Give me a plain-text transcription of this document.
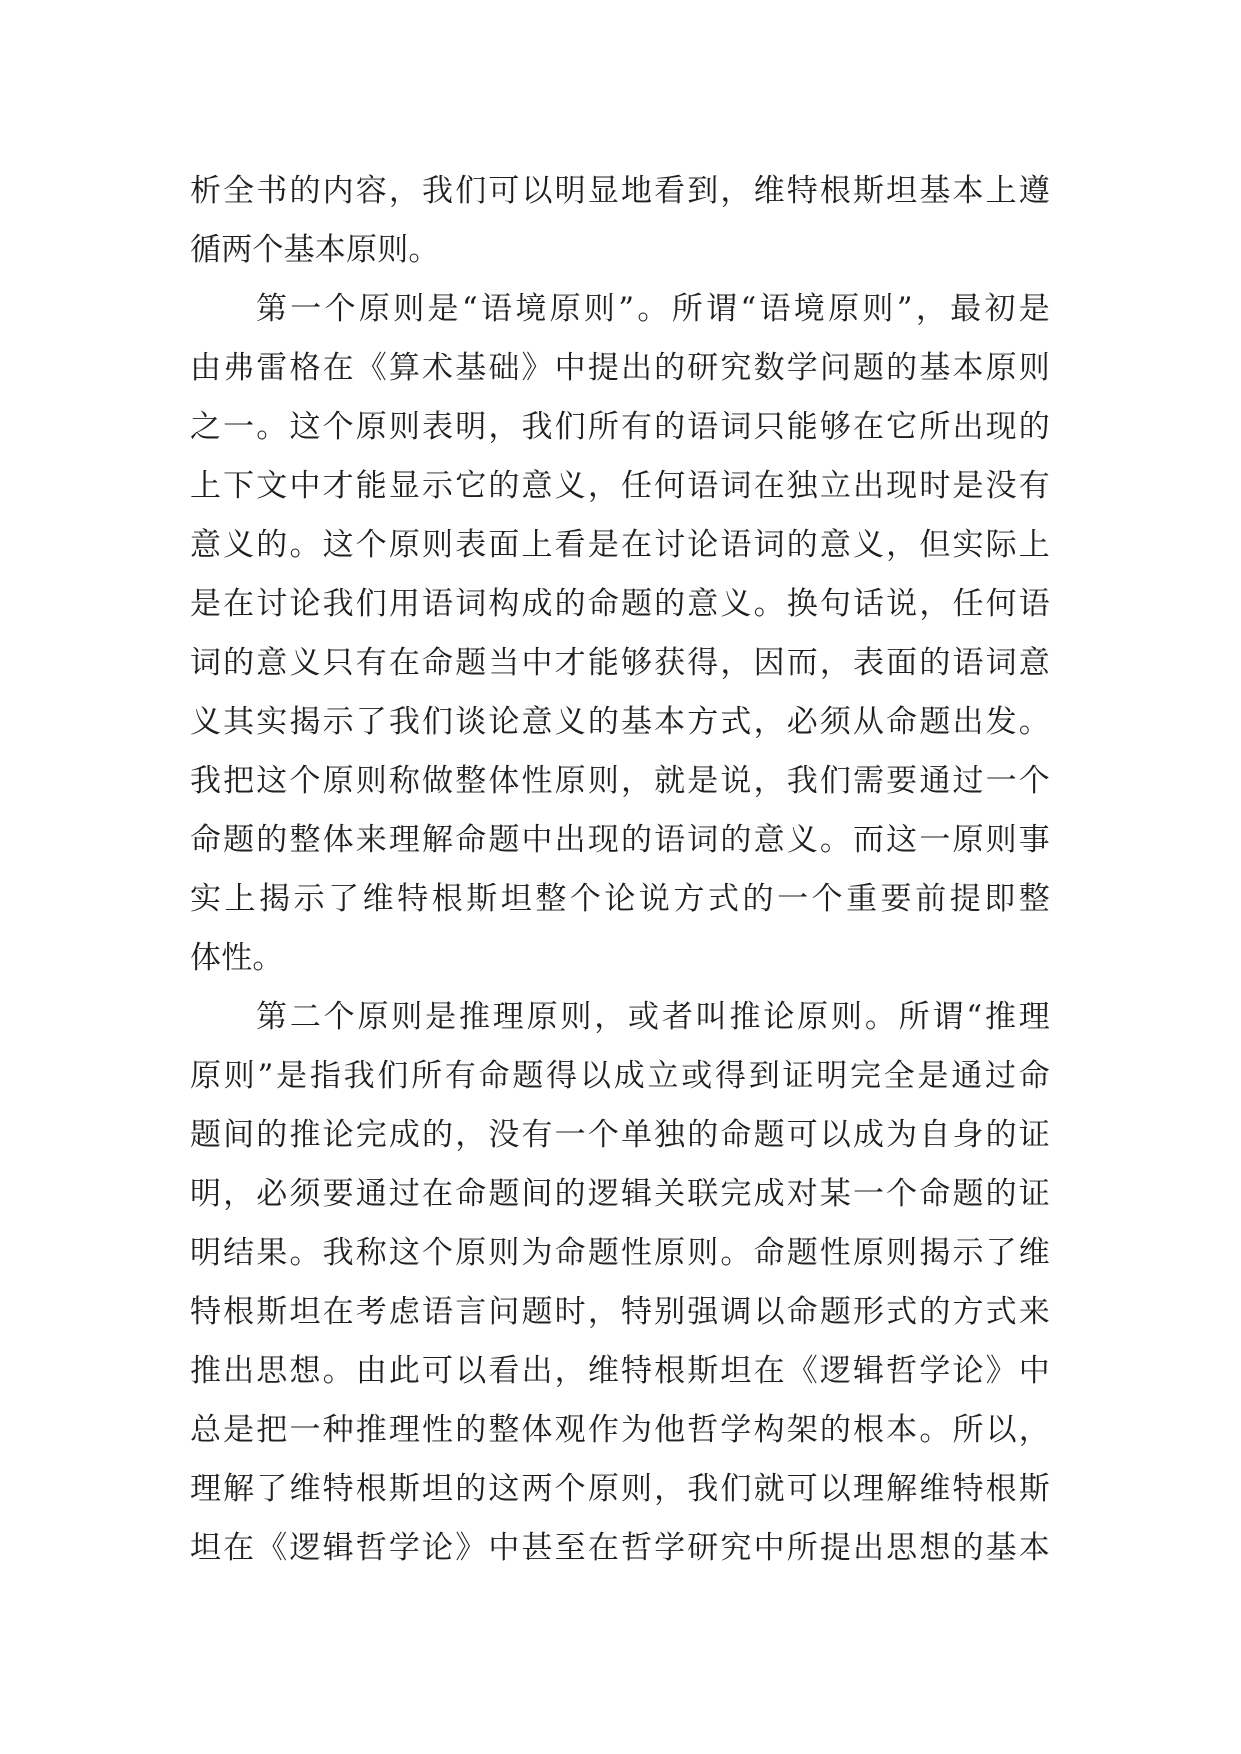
析全书的内容，我们可以明显地看到，维特根斯坦基本上遵
循两个基本原则。
第一个原则是“语境原则”。所谓“语境原则”，最初是
由弗雷格在《算术基础》中提出的研究数学问题的基本原则
之一。这个原则表明，我们所有的语词只能够在它所出现的
上下文中才能显示它的意义，任何语词在独立出现时是没有
意义的。这个原则表面上看是在讨论语词的意义，但实际上
是在讨论我们用语词构成的命题的意义。换句话说，任何语
词的意义只有在命题当中才能够获得，因而，表面的语词意
义其实揭示了我们谈论意义的基本方式，必须从命题出发。
我把这个原则称做整体性原则，就是说，我们需要通过一个
命题的整体来理解命题中出现的语词的意义。而这一原则事
实上揭示了维特根斯坦整个论说方式的一个重要前提即整
体性。
第二个原则是推理原则，或者叫推论原则。所谓“推理
原则”是指我们所有命题得以成立或得到证明完全是通过命
题间的推论完成的，没有一个单独的命题可以成为自身的证
明，必须要通过在命题间的逻辑关联完成对某一个命题的证
明结果。我称这个原则为命题性原则。命题性原则揭示了维
特根斯坦在考虑语言问题时，特别强调以命题形式的方式来
推出思想。由此可以看出，维特根斯坦在《逻辑哲学论》中
总是把一种推理性的整体观作为他哲学构架的根本。所以，
理解了维特根斯坦的这两个原则，我们就可以理解维特根斯
坦在《逻辑哲学论》中甚至在哲学研究中所提出思想的基本
